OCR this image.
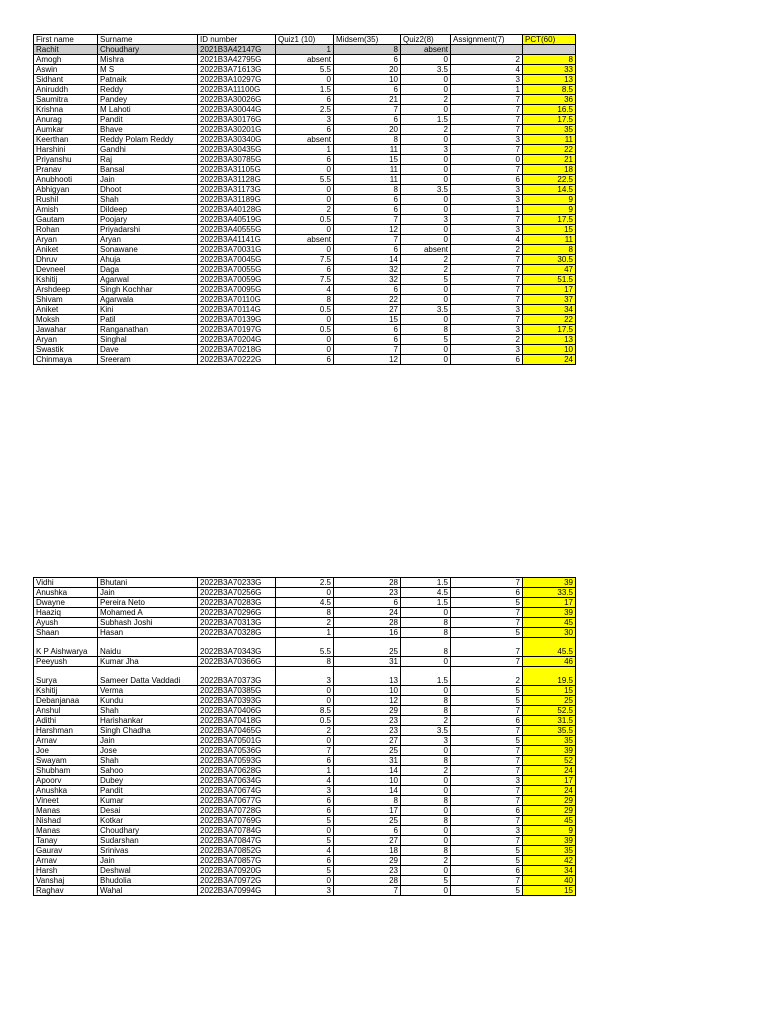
First name	Surname	ID number	Quiz1 (10)	Midsem(35)	Quiz2(8)	Assignment(7)	PCT(60)
Rachit	Choudhary	2021B3A42147G	1	8	absent		
Amogh	Mishra	2021B3A42795G	absent	6	0	2	8
Aswin	M S	2022B3A71613G	5.5	20	3.5	4	33
Sidhant	Patnaik	2022B3A10297G	0	10	0	3	13
Aniruddh	Reddy	2022B3A11100G	1.5	6	0	1	8.5
Saumitra	Pandey	2022B3A30026G	6	21	2	7	36
Krishna	M Lahoti	2022B3A30044G	2.5	7	0	7	16.5
Anurag	Pandit	2022B3A30176G	3	6	1.5	7	17.5
Aumkar	Bhave	2022B3A30201G	6	20	2	7	35
Keerthan	Reddy Polam Reddy	2022B3A30340G	absent	8	0	3	11
Harshini	Gandhi	2022B3A30435G	1	11	3	7	22
Priyanshu	Raj	2022B3A30785G	6	15	0	0	21
Pranav	Bansal	2022B3A31105G	0	11	0	7	18
Anubhooti	Jain	2022B3A31128G	5.5	11	0	6	22.5
Abhigyan	Dhoot	2022B3A31173G	0	8	3.5	3	14.5
Rushil	Shah	2022B3A31189G	0	6	0	3	9
Amish	Dildeep	2022B3A40128G	2	6	0	1	9
Gautam	Poojary	2022B3A40519G	0.5	7	3	7	17.5
Rohan	Priyadarshi	2022B3A40555G	0	12	0	3	15
Aryan	Aryan	2022B3A41141G	absent	7	0	4	11
Aniket	Sonawane	2022B3A70031G	0	6	absent	2	8
Dhruv	Ahuja	2022B3A70045G	7.5	14	2	7	30.5
Devneel	Daga	2022B3A70055G	6	32	2	7	47
Kshitij	Agarwal	2022B3A70059G	7.5	32	5	7	51.5
Arshdeep	Singh Kochhar	2022B3A70095G	4	6	0	7	17
Shivam	Agarwala	2022B3A70110G	8	22	0	7	37
Aniket	Kini	2022B3A70114G	0.5	27	3.5	3	34
Moksh	Patil	2022B3A70139G	0	15	0	7	22
Jawahar	Ranganathan	2022B3A70197G	0.5	6	8	3	17.5
Aryan	Singhal	2022B3A70204G	0	6	5	2	13
Swastik	Dave	2022B3A70218G	0	7	0	3	10
Chinmaya	Sreeram	2022B3A70222G	6	12	0	6	24
Vidhi	Bhutani	2022B3A70233G	2.5	28	1.5	7	39
Anushka	Jain	2022B3A70256G	0	23	4.5	6	33.5
Dwayne	Pereira Neto	2022B3A70283G	4.5	6	1.5	5	17
Haaziq	Mohamed A	2022B3A70296G	8	24	0	7	39
Ayush	Subhash Joshi	2022B3A70313G	2	28	8	7	45
Shaan	Hasan	2022B3A70328G	1	16	8	5	30
K P Aishwarya	Naidu	2022B3A70343G	5.5	25	8	7	45.5
Peeyush	Kumar Jha	2022B3A70366G	8	31	0	7	46
Surya	Sameer Datta Vaddadi	2022B3A70373G	3	13	1.5	2	19.5
Kshitij	Verma	2022B3A70385G	0	10	0	5	15
Debanjanaa	Kundu	2022B3A70393G	0	12	8	5	25
Anshul	Shah	2022B3A70406G	8.5	29	8	7	52.5
Adithi	Harishankar	2022B3A70418G	0.5	23	2	6	31.5
Harshman	Singh Chadha	2022B3A70465G	2	23	3.5	7	35.5
Arnav	Jain	2022B3A70501G	0	27	3	5	35
Joe	Jose	2022B3A70536G	7	25	0	7	39
Swayam	Shah	2022B3A70593G	6	31	8	7	52
Shubham	Sahoo	2022B3A70628G	1	14	2	7	24
Apoorv	Dubey	2022B3A70634G	4	10	0	3	17
Anushka	Pandit	2022B3A70674G	3	14	0	7	24
Vineet	Kumar	2022B3A70677G	6	8	8	7	29
Manas	Desai	2022B3A70728G	6	17	0	6	29
Nishad	Kotkar	2022B3A70769G	5	25	8	7	45
Manas	Choudhary	2022B3A70784G	0	6	0	3	9
Tanay	Sudarshan	2022B3A70847G	5	27	0	7	39
Gaurav	Srinivas	2022B3A70852G	4	18	8	5	35
Arnav	Jain	2022B3A70857G	6	29	2	5	42
Harsh	Deshwal	2022B3A70920G	5	23	0	6	34
Vanshaj	Bhudolia	2022B3A70972G	0	28	5	7	40
Raghav	Wahal	2022B3A70994G	3	7	0	5	15
